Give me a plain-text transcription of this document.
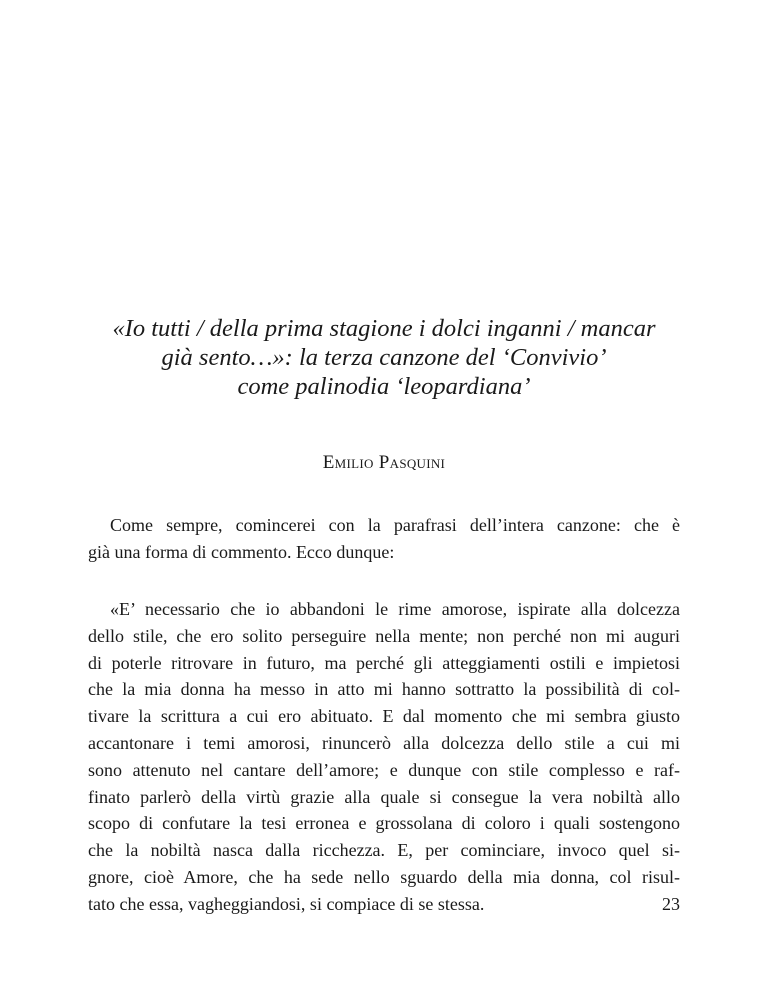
«Io tutti / della prima stagione i dolci inganni / mancar
già sento…»: la terza canzone del ‘Convivio’
come palinodia ‘leopardiana’
Emilio Pasquini

Come sempre, comincerei con la parafrasi dell’intera canzone: che è
già una forma di commento. Ecco dunque:

«E’ necessario che io abbandoni le rime amorose, ispirate alla dolcezza
dello stile, che ero solito perseguire nella mente; non perché non mi auguri
di poterle ritrovare in futuro, ma perché gli atteggiamenti ostili e impietosi
che la mia donna ha messo in atto mi hanno sottratto la possibilità di col-
tivare la scrittura a cui ero abituato. E dal momento che mi sembra giusto
accantonare i temi amorosi, rinuncerò alla dolcezza dello stile a cui mi
sono attenuto nel cantare dell’amore; e dunque con stile complesso e raf-
finato parlerò della virtù grazie alla quale si consegue la vera nobiltà allo
scopo di confutare la tesi erronea e grossolana di coloro i quali sostengono
che la nobiltà nasca dalla ricchezza. E, per cominciare, invoco quel si-
gnore, cioè Amore, che ha sede nello sguardo della mia donna, col risul-
tato che essa, vagheggiandosi, si compiace di se stessa.	23
